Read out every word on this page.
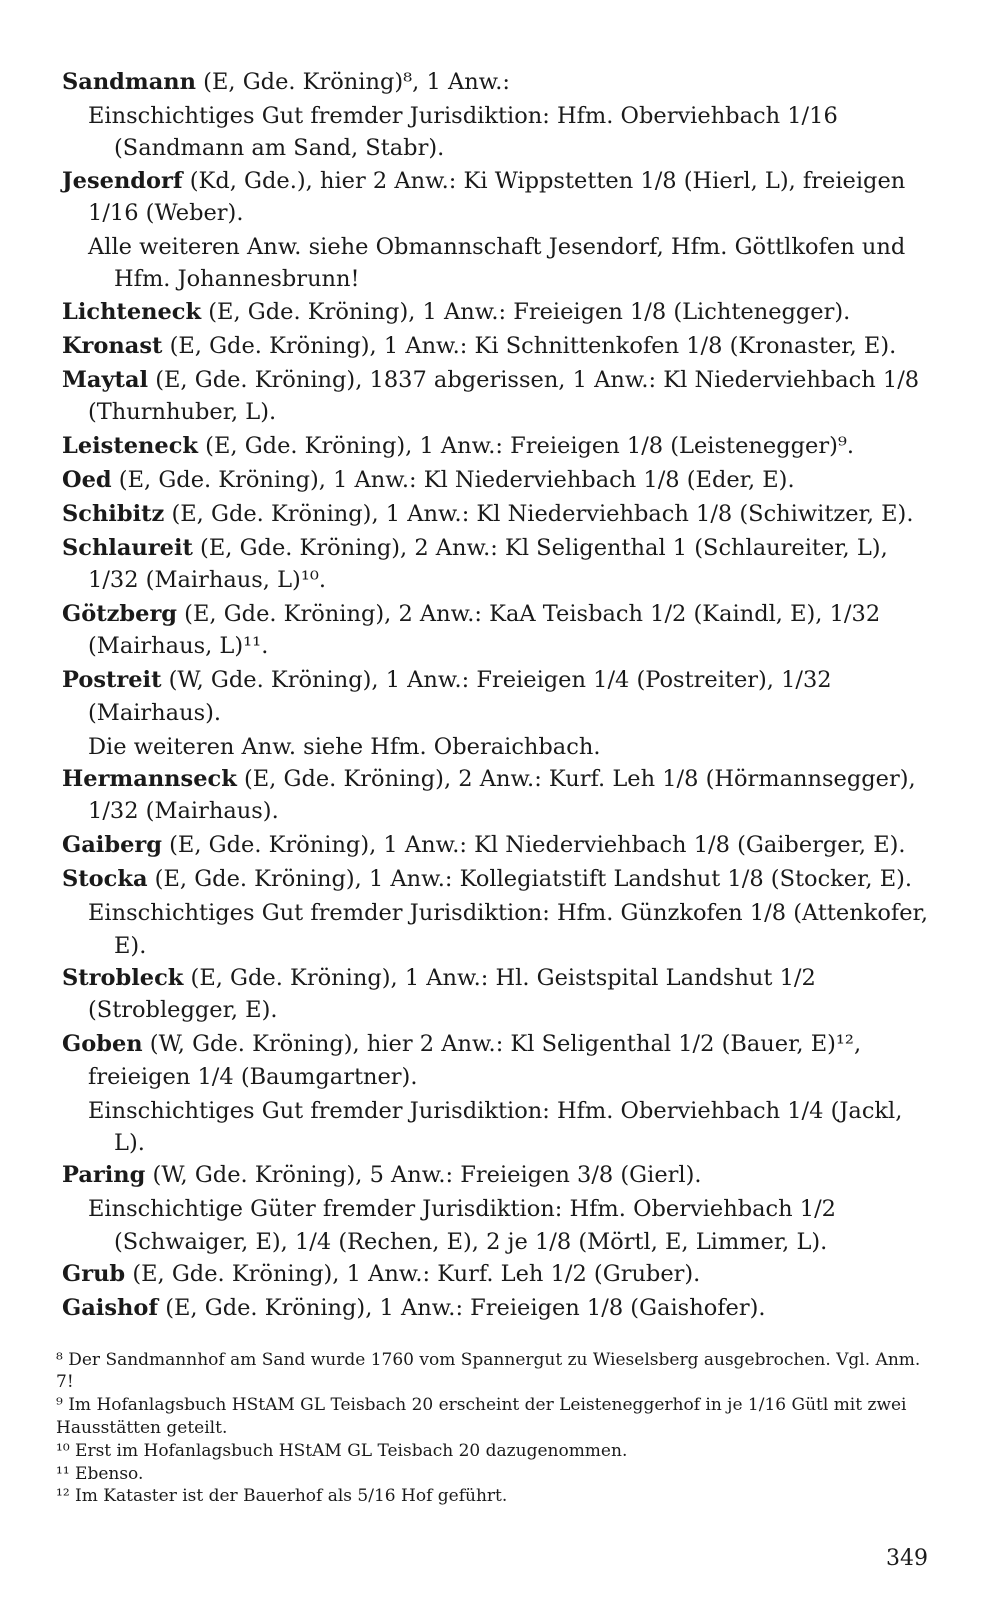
Sandmann (E, Gde. Kröning)⁸, 1 Anw.:

Einschichtiges Gut fremder Jurisdiktion: Hfm. Oberviehbach 1/16 (Sandmann am Sand, Stabr).

Jesendorf (Kd, Gde.), hier 2 Anw.: Ki Wippstetten 1/8 (Hierl, L), freieigen 1/16 (Weber).

Alle weiteren Anw. siehe Obmannschaft Jesendorf, Hfm. Göttlkofen und Hfm. Johannesbrunn!

Lichteneck (E, Gde. Kröning), 1 Anw.: Freieigen 1/8 (Lichtenegger).
Kronast (E, Gde. Kröning), 1 Anw.: Ki Schnittenkofen 1/8 (Kronaster, E).
Maytal (E, Gde. Kröning), 1837 abgerissen, 1 Anw.: Kl Niederviehbach 1/8 (Thurnhuber, L).
Leisteneck (E, Gde. Kröning), 1 Anw.: Freieigen 1/8 (Leistenegger)⁹.
Oed (E, Gde. Kröning), 1 Anw.: Kl Niederviehbach 1/8 (Eder, E).
Schibitz (E, Gde. Kröning), 1 Anw.: Kl Niederviehbach 1/8 (Schiwitzer, E).
Schlaureit (E, Gde. Kröning), 2 Anw.: Kl Seligenthal 1 (Schlaureiter, L), 1/32 (Mairhaus, L)¹⁰.
Götzberg (E, Gde. Kröning), 2 Anw.: KaA Teisbach 1/2 (Kaindl, E), 1/32 (Mairhaus, L)¹¹.
Postreit (W, Gde. Kröning), 1 Anw.: Freieigen 1/4 (Postreiter), 1/32 (Mairhaus).

Die weiteren Anw. siehe Hfm. Oberaichbach.

Hermannseck (E, Gde. Kröning), 2 Anw.: Kurf. Leh 1/8 (Hörmannsegger), 1/32 (Mairhaus).
Gaiberg (E, Gde. Kröning), 1 Anw.: Kl Niederviehbach 1/8 (Gaiberger, E).
Stocka (E, Gde. Kröning), 1 Anw.: Kollegiatstift Landshut 1/8 (Stocker, E).

Einschichtiges Gut fremder Jurisdiktion: Hfm. Günzkofen 1/8 (Attenkofer, E).

Strobleck (E, Gde. Kröning), 1 Anw.: Hl. Geistspital Landshut 1/2 (Stroblegger, E).
Goben (W, Gde. Kröning), hier 2 Anw.: Kl Seligenthal 1/2 (Bauer, E)¹², freieigen 1/4 (Baumgartner).

Einschichtiges Gut fremder Jurisdiktion: Hfm. Oberviehbach 1/4 (Jackl, L).

Paring (W, Gde. Kröning), 5 Anw.: Freieigen 3/8 (Gierl).

Einschichtige Güter fremder Jurisdiktion: Hfm. Oberviehbach 1/2 (Schwaiger, E), 1/4 (Rechen, E), 2 je 1/8 (Mörtl, E, Limmer, L).

Grub (E, Gde. Kröning), 1 Anw.: Kurf. Leh 1/2 (Gruber).
Gaishof (E, Gde. Kröning), 1 Anw.: Freieigen 1/8 (Gaishofer).

⁸ Der Sandmannhof am Sand wurde 1760 vom Spannergut zu Wieselsberg ausgebrochen. Vgl. Anm. 7!

⁹ Im Hofanlagsbuch HStAM GL Teisbach 20 erscheint der Leisteneggerhof in je 1/16 Gütl mit zwei Hausstätten geteilt.

¹⁰ Erst im Hofanlagsbuch HStAM GL Teisbach 20 dazugenommen.

¹¹ Ebenso.

¹² Im Kataster ist der Bauerhof als 5/16 Hof geführt.

349
